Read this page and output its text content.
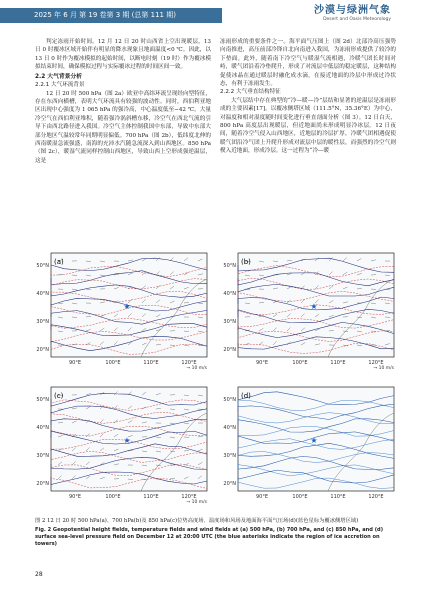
2025 年 6 月 第 19 卷第 3 期 (总第 111 期)	沙漠与绿洲气象
Desert and Oasis Meteorology

判定冻雨开始时间。12 月 12 日 20 时山西省上空出现暖层，13 日 0 时覆冰区域开始伴有明显的降水现象且地面温度<0 ℃。因此，以 13 日 0 时作为覆冰模拟的起始时间，以断电时刻（19 时）作为覆冰模拟结束时间，确保模拟过程与实际覆冰过程的时间区间一致。

2.2 大气背景分析

2.2.1 大气环流背景

12 日 20 时 500 hPa（图 2a）欧亚中高纬环流呈现经向型特征，存在东西向横槽，表明大气环流具有较强的波动性。同时，西伯利亚地区出现中心强度为 1 065 hPa 的强冷高，中心温度低至−42 ℃。大量冷空气在西伯利亚堆积，随着强冷涡斜槽东移，冷空气在西北气流的引导下由西北路径进入我国。冷空气主体控制我国中东部，导致中东部大部分地区气温较常年同期明显偏低。700 hPa（图 2b），低纬度北伸的西南暖湿急流强盛，南海的充沛水汽随急流深入到山西地区。850 hPa（图 2c），暖湿气流同样控制山西地区，导致山西上空形成强逆温层，这是

冻雨形成的重要条件之一。海平面气压图上（图 2d）北部冷高压强势向南推进，高压前部冷锋自北向南进入我国，为冻雨形成提供了较冷的下垫面。此外，随着南下冷空气与暖湿气流相遇，冷暖气团长时间对峙，暖气团沿着冷垫爬升，形成了对流层中低层的稳定暖层，这种结构促使冰晶在通过暖层时融化成水滴，在接近地面的冷层中形成过冷状态，有利于冻雨发生。

2.2.2 大气垂直结构特征

大气层结中存在典型的“冷—暖—冷”层结和显著的逆温层是冻雨形成的主要因素[17]。以覆冰侧塔区域（111.5°N，35.36°E）为中心，对温度和相对湿度随时间变化进行垂直剖面分析（图 3）。12 日白天，800 hPa 高度层出现暖层，但近地面尚未形成明显冷冰层。12 日夜间，随着冷空气侵入山西地区，近地层的冷层扩厚，冷暖气团相遇促使暖气团沿冷气团上升爬升形成对流层中层的暖性层，而强烈的冷空气则楔入近地面，形成冷层。这一过程为“冷—暖

★
(a)
50°N
40°N
30°N
20°N
90°E	100°E	110°E	120°E
→ 10 m/s
★
(b)
50°N
40°N
30°N
20°N
90°E	100°E	110°E	120°E
→ 10 m/s
★
(c)
50°N
40°N
30°N
20°N
90°E	100°E	110°E	120°E
→ 10 m/s
★
(d)
50°N
40°N
30°N
20°N
90°E	100°E	110°E	120°E
图 2 12 日 20 时 500 hPa(a)、700 hPa(b)及 850 hPa(c)位势高度场、温度场和风场及地面海平面气压场(d)(蓝色星标为覆冰侧塔区域)
Fig. 2 Geopotential height fields, temperature fields and wind fields at (a) 500 hPa, (b) 700 hPa, and (c) 850 hPa, and (d) surface sea-level pressure field on December 12 at 20:00 UTC (the blue asterisks indicate the region of ice accretion on towers)
28
